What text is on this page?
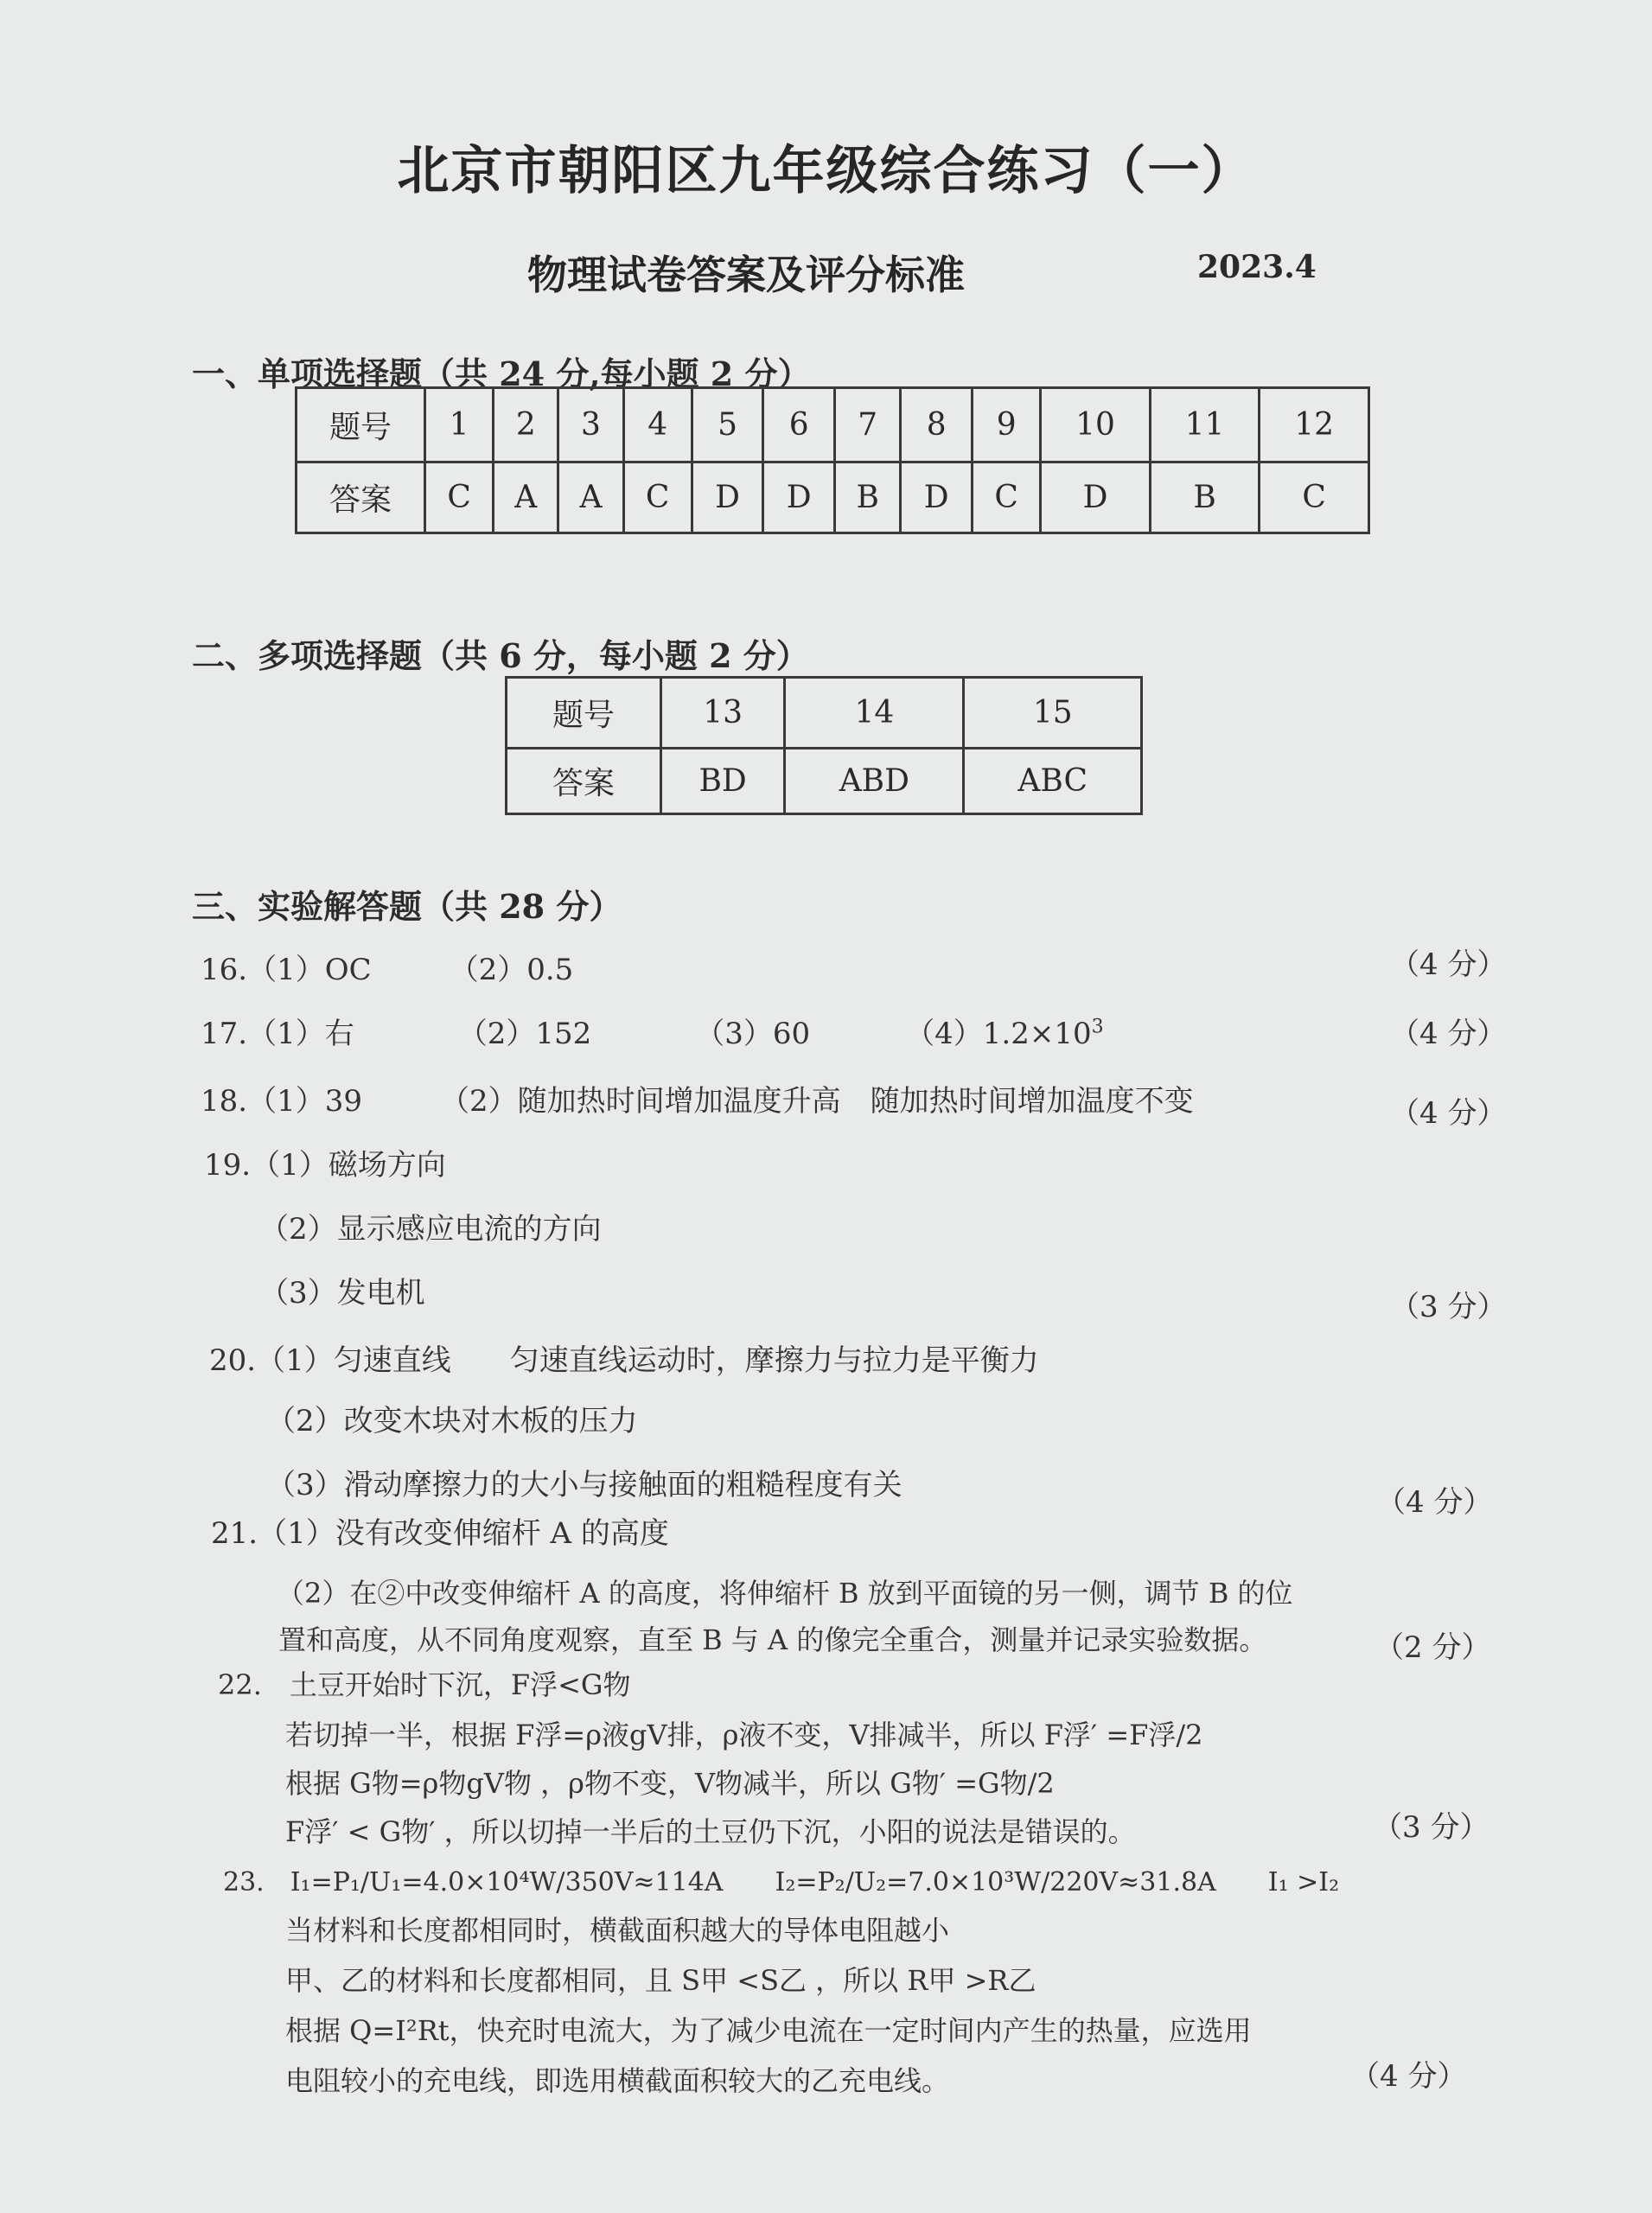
北京市朝阳区九年级综合练习（一）
物理试卷答案及评分标准	2023.4
一、单项选择题（共 24 分,每小题 2 分）
题号	1	2	3	4	5	6	7	8	9	10	11	12
答案	C	A	A	C	D	D	B	D	C	D	B	C
二、多项选择题（共 6 分，每小题 2 分）
题号	13	14	15
答案	BD	ABD	ABC
三、实验解答题（共 28 分）
16.（1）OC	（2）0.5	（4 分）
17.（1）右	（2）152	（3）60	$(4)1.2\times 10^3$	（4 分）
18.（1）39	（2）随加热时间增加温度升高　随加热时间增加温度不变	（4 分）
19.（1）磁场方向
（2）显示感应电流的方向
（3）发电机	（3 分）
20.（1）匀速直线　　匀速直线运动时，摩擦力与拉力是平衡力
（2）改变木块对木板的压力
（3）滑动摩擦力的大小与接触面的粗糙程度有关	（4 分）
21.（1）没有改变伸缩杆 A 的高度
（2）在②中改变伸缩杆 A 的高度，将伸缩杆 B 放到平面镜的另一侧，调节 B 的位
置和高度，从不同角度观察，直至 B 与 A 的像完全重合，测量并记录实验数据。	（2 分）
22.　土豆开始时下沉，F浮<G物
若切掉一半，根据 F浮=ρ液gV排，ρ液不变，V排减半，所以 F浮′ =F浮/2
根据 G物=ρ物gV物 ，ρ物不变，V物减半，所以 G物′ =G物/2
F浮′ < G物′ ，所以切掉一半后的土豆仍下沉，小阳的说法是错误的。	（3 分）
23.　I₁=P₁/U₁=4.0×10⁴W/350V≈114A　　I₂=P₂/U₂=7.0×10³W/220V≈31.8A　　I₁ >I₂
当材料和长度都相同时，横截面积越大的导体电阻越小
甲、乙的材料和长度都相同，且 S甲 <S乙 ，所以 R甲 >R乙
根据 Q=I²Rt，快充时电流大，为了减少电流在一定时间内产生的热量，应选用
电阻较小的充电线，即选用横截面积较大的乙充电线。	（4 分）
